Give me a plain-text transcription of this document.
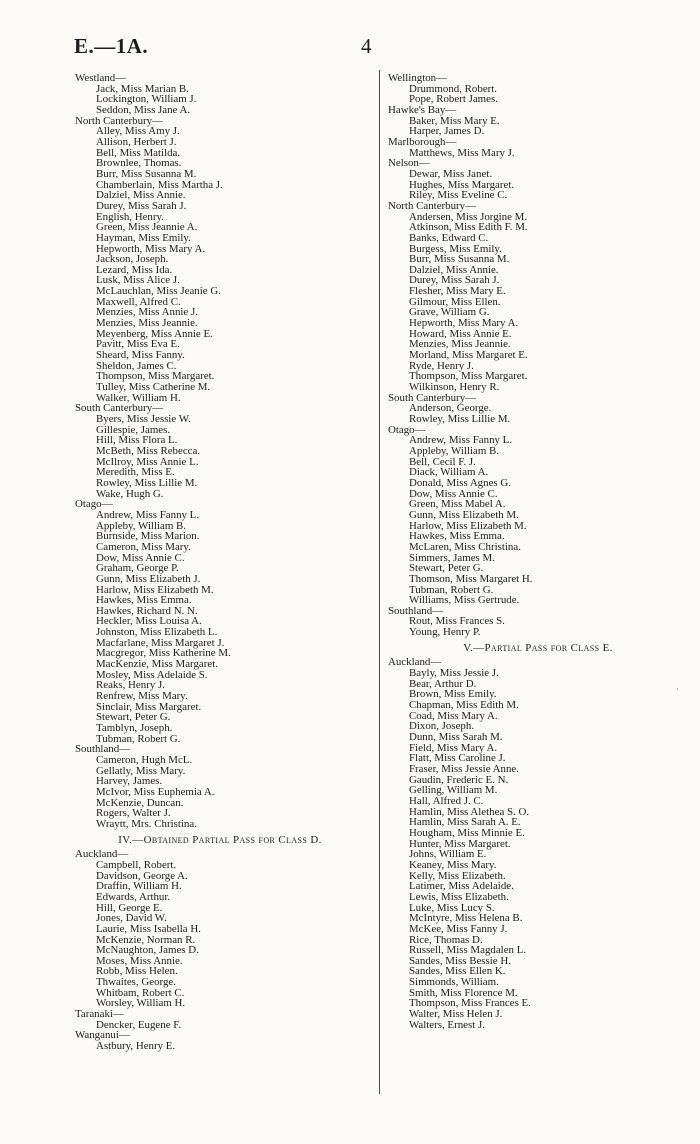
E.—1A.	4
Westland—
Jack, Miss Marian B.
Lockington, William J.
Seddon, Miss Jane A.
North Canterbury—
Alley, Miss Amy J.
Allison, Herbert J.
Bell, Miss Matilda.
Brownlee, Thomas.
Burr, Miss Susanna M.
Chamberlain, Miss Martha J.
Dalziel, Miss Annie.
Durey, Miss Sarah J.
English, Henry.
Green, Miss Jeannie A.
Hayman, Miss Emily.
Hepworth, Miss Mary A.
Jackson, Joseph.
Lezard, Miss Ida.
Lusk, Miss Alice J.
McLauchlan, Miss Jeanie G.
Maxwell, Alfred C.
Menzies, Miss Annie J.
Menzies, Miss Jeannie.
Meyenberg, Miss Annie E.
Pavitt, Miss Eva E.
Sheard, Miss Fanny.
Sheldon, James C.
Thompson, Miss Margaret.
Tulley, Miss Catherine M.
Walker, William H.
South Canterbury—
Byers, Miss Jessie W.
Gillespie, James.
Hill, Miss Flora L.
McBeth, Miss Rebecca.
McIlroy, Miss Annie L.
Meredith, Miss E.
Rowley, Miss Lillie M.
Wake, Hugh G.
Otago—
Andrew, Miss Fanny L.
Appleby, William B.
Burnside, Miss Marion.
Cameron, Miss Mary.
Dow, Miss Annie C.
Graham, George P.
Gunn, Miss Elizabeth J.
Harlow, Miss Elizabeth M.
Hawkes, Miss Emma.
Hawkes, Richard N. N.
Heckler, Miss Louisa A.
Johnston, Miss Elizabeth L.
Macfarlane, Miss Margaret J.
Macgregor, Miss Katherine M.
MacKenzie, Miss Margaret.
Mosley, Miss Adelaide S.
Reaks, Henry J.
Renfrew, Miss Mary.
Sinclair, Miss Margaret.
Stewart, Peter G.
Tamblyn, Joseph.
Tubman, Robert G.
Southland—
Cameron, Hugh McL.
Gellatly, Miss Mary.
Harvey, James.
McIvor, Miss Euphemia A.
McKenzie, Duncan.
Rogers, Walter J.
Wraytt, Mrs. Christina.
IV.—Obtained Partial Pass for Class D.
Auckland—
Campbell, Robert.
Davidson, George A.
Draffin, William H.
Edwards, Arthur.
Hill, George E.
Jones, David W.
Laurie, Miss Isabella H.
McKenzie, Norman R.
McNaughton, James D.
Moses, Miss Annie.
Robb, Miss Helen.
Thwaites, George.
Whitbam, Robert C.
Worsley, William H.
Taranaki—
Dencker, Eugene F.
Wanganui—
Astbury, Henry E.
Wellington—
Drummond, Robert.
Pope, Robert James.
Hawke's Bay—
Baker, Miss Mary E.
Harper, James D.
Marlborough—
Matthews, Miss Mary J.
Nelson—
Dewar, Miss Janet.
Hughes, Miss Margaret.
Riley, Miss Eveline C.
North Canterbury—
Andersen, Miss Jorgine M.
Atkinson, Miss Edith F. M.
Banks, Edward C.
Burgess, Miss Emily.
Burr, Miss Susanna M.
Dalziel, Miss Annie.
Durey, Miss Sarah J.
Flesher, Miss Mary E.
Gilmour, Miss Ellen.
Grave, William G.
Hepworth, Miss Mary A.
Howard, Miss Annie E.
Menzies, Miss Jeannie.
Morland, Miss Margaret E.
Ryde, Henry J.
Thompson, Miss Margaret.
Wilkinson, Henry R.
South Canterbury—
Anderson, George.
Rowley, Miss Lillie M.
Otago—
Andrew, Miss Fanny L.
Appleby, William B.
Bell, Cecil F. J.
Diack, William A.
Donald, Miss Agnes G.
Dow, Miss Annie C.
Green, Miss Mabel A.
Gunn, Miss Elizabeth M.
Harlow, Miss Elizabeth M.
Hawkes, Miss Emma.
McLaren, Miss Christina.
Simmers, James M.
Stewart, Peter G.
Thomson, Miss Margaret H.
Tubman, Robert G.
Williams, Miss Gertrude.
Southland—
Rout, Miss Frances S.
Young, Henry P.
V.—Partial Pass for Class E.
Auckland—
Bayly, Miss Jessie J.
Bear, Arthur D.
Brown, Miss Emily.
Chapman, Miss Edith M.
Coad, Miss Mary A.
Dixon, Joseph.
Dunn, Miss Sarah M.
Field, Miss Mary A.
Flatt, Miss Caroline J.
Fraser, Miss Jessie Anne.
Gaudin, Frederic E. N.
Gelling, William M.
Hall, Alfred J. C.
Hamlin, Miss Alethea S. O.
Hamlin, Miss Sarah A. E.
Hougham, Miss Minnie E.
Hunter, Miss Margaret.
Johns, William E.
Keaney, Miss Mary.
Kelly, Miss Elizabeth.
Latimer, Miss Adelaide.
Lewis, Miss Elizabeth.
Luke, Miss Lucy S.
McIntyre, Miss Helena B.
McKee, Miss Fanny J.
Rice, Thomas D.
Russell, Miss Magdalen L.
Sandes, Miss Bessie H.
Sandes, Miss Ellen K.
Simmonds, William.
Smith, Miss Florence M.
Thompson, Miss Frances E.
Walter, Miss Helen J.
Walters, Ernest J.
·
